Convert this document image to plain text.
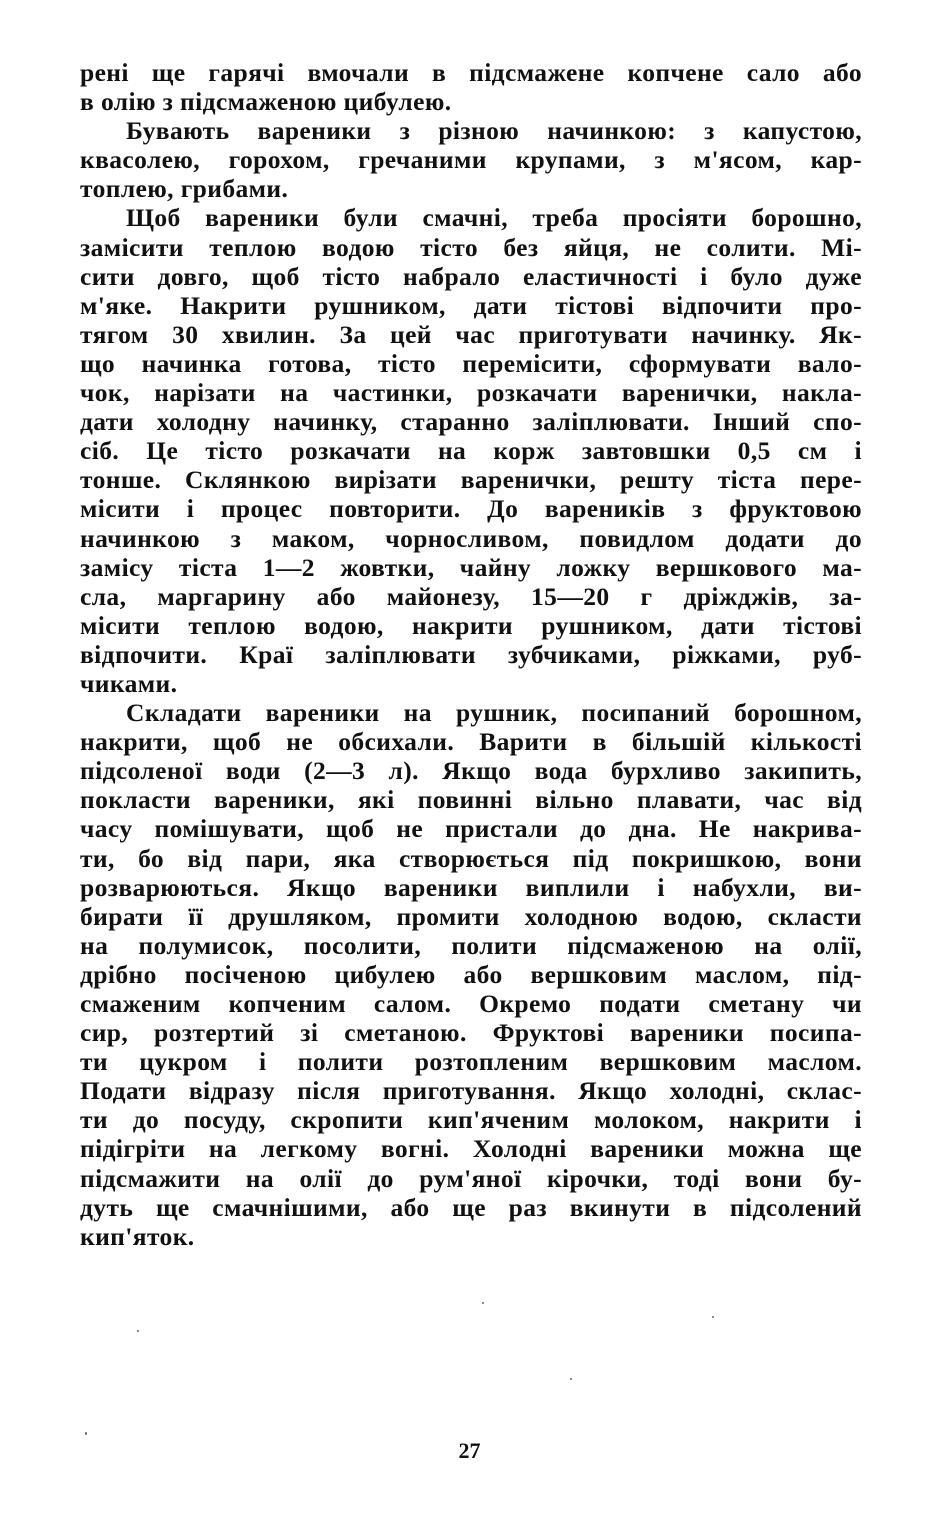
рені ще гарячі вмочали в підсмажене копчене сало або
в олію з підсмаженою цибулею.
Бувають вареники з різною начинкою: з капустою,
квасолею, горохом, гречаними крупами, з м'ясом, кар-
топлею, грибами.
Щоб вареники були смачні, треба просіяти борошно,
замісити теплою водою тісто без яйця, не солити. Мі-
сити довго, щоб тісто набрало еластичності і було дуже
м'яке. Накрити рушником, дати тістові відпочити про-
тягом 30 хвилин. За цей час приготувати начинку. Як-
що начинка готова, тісто перемісити, сформувати вало-
чок, нарізати на частинки, розкачати варенички, накла-
дати холодну начинку, старанно заліплювати. Інший спо-
сіб. Це тісто розкачати на корж завтовшки 0,5 см і
тонше. Склянкою вирізати варенички, решту тіста пере-
місити і процес повторити. До вареників з фруктовою
начинкою з маком, чорносливом, повидлом додати до
замісу тіста 1—2 жовтки, чайну ложку вершкового ма-
сла, маргарину або майонезу, 15—20 г дріжджів, за-
місити теплою водою, накрити рушником, дати тістові
відпочити. Краї заліплювати зубчиками, ріжками, руб-
чиками.
Складати вареники на рушник, посипаний борошном,
накрити, щоб не обсихали. Варити в більшій кількості
підсоленої води (2—3 л). Якщо вода бурхливо закипить,
покласти вареники, які повинні вільно плавати, час від
часу помішувати, щоб не пристали до дна. Не накрива-
ти, бо від пари, яка створюється під покришкою, вони
розварюються. Якщо вареники виплили і набухли, ви-
бирати її друшляком, промити холодною водою, скласти
на полумисок, посолити, полити підсмаженою на олії,
дрібно посіченою цибулею або вершковим маслом, під-
смаженим копченим салом. Окремо подати сметану чи
сир, розтертий зі сметаною. Фруктові вареники посипа-
ти цукром і полити розтопленим вершковим маслом.
Подати відразу після приготування. Якщо холодні, склас-
ти до посуду, скропити кип'яченим молоком, накрити і
підігріти на легкому вогні. Холодні вареники можна ще
підсмажити на олії до рум'яної кірочки, тоді вони бу-
дуть ще смачнішими, або ще раз вкинути в підсолений
кип'яток.
27
